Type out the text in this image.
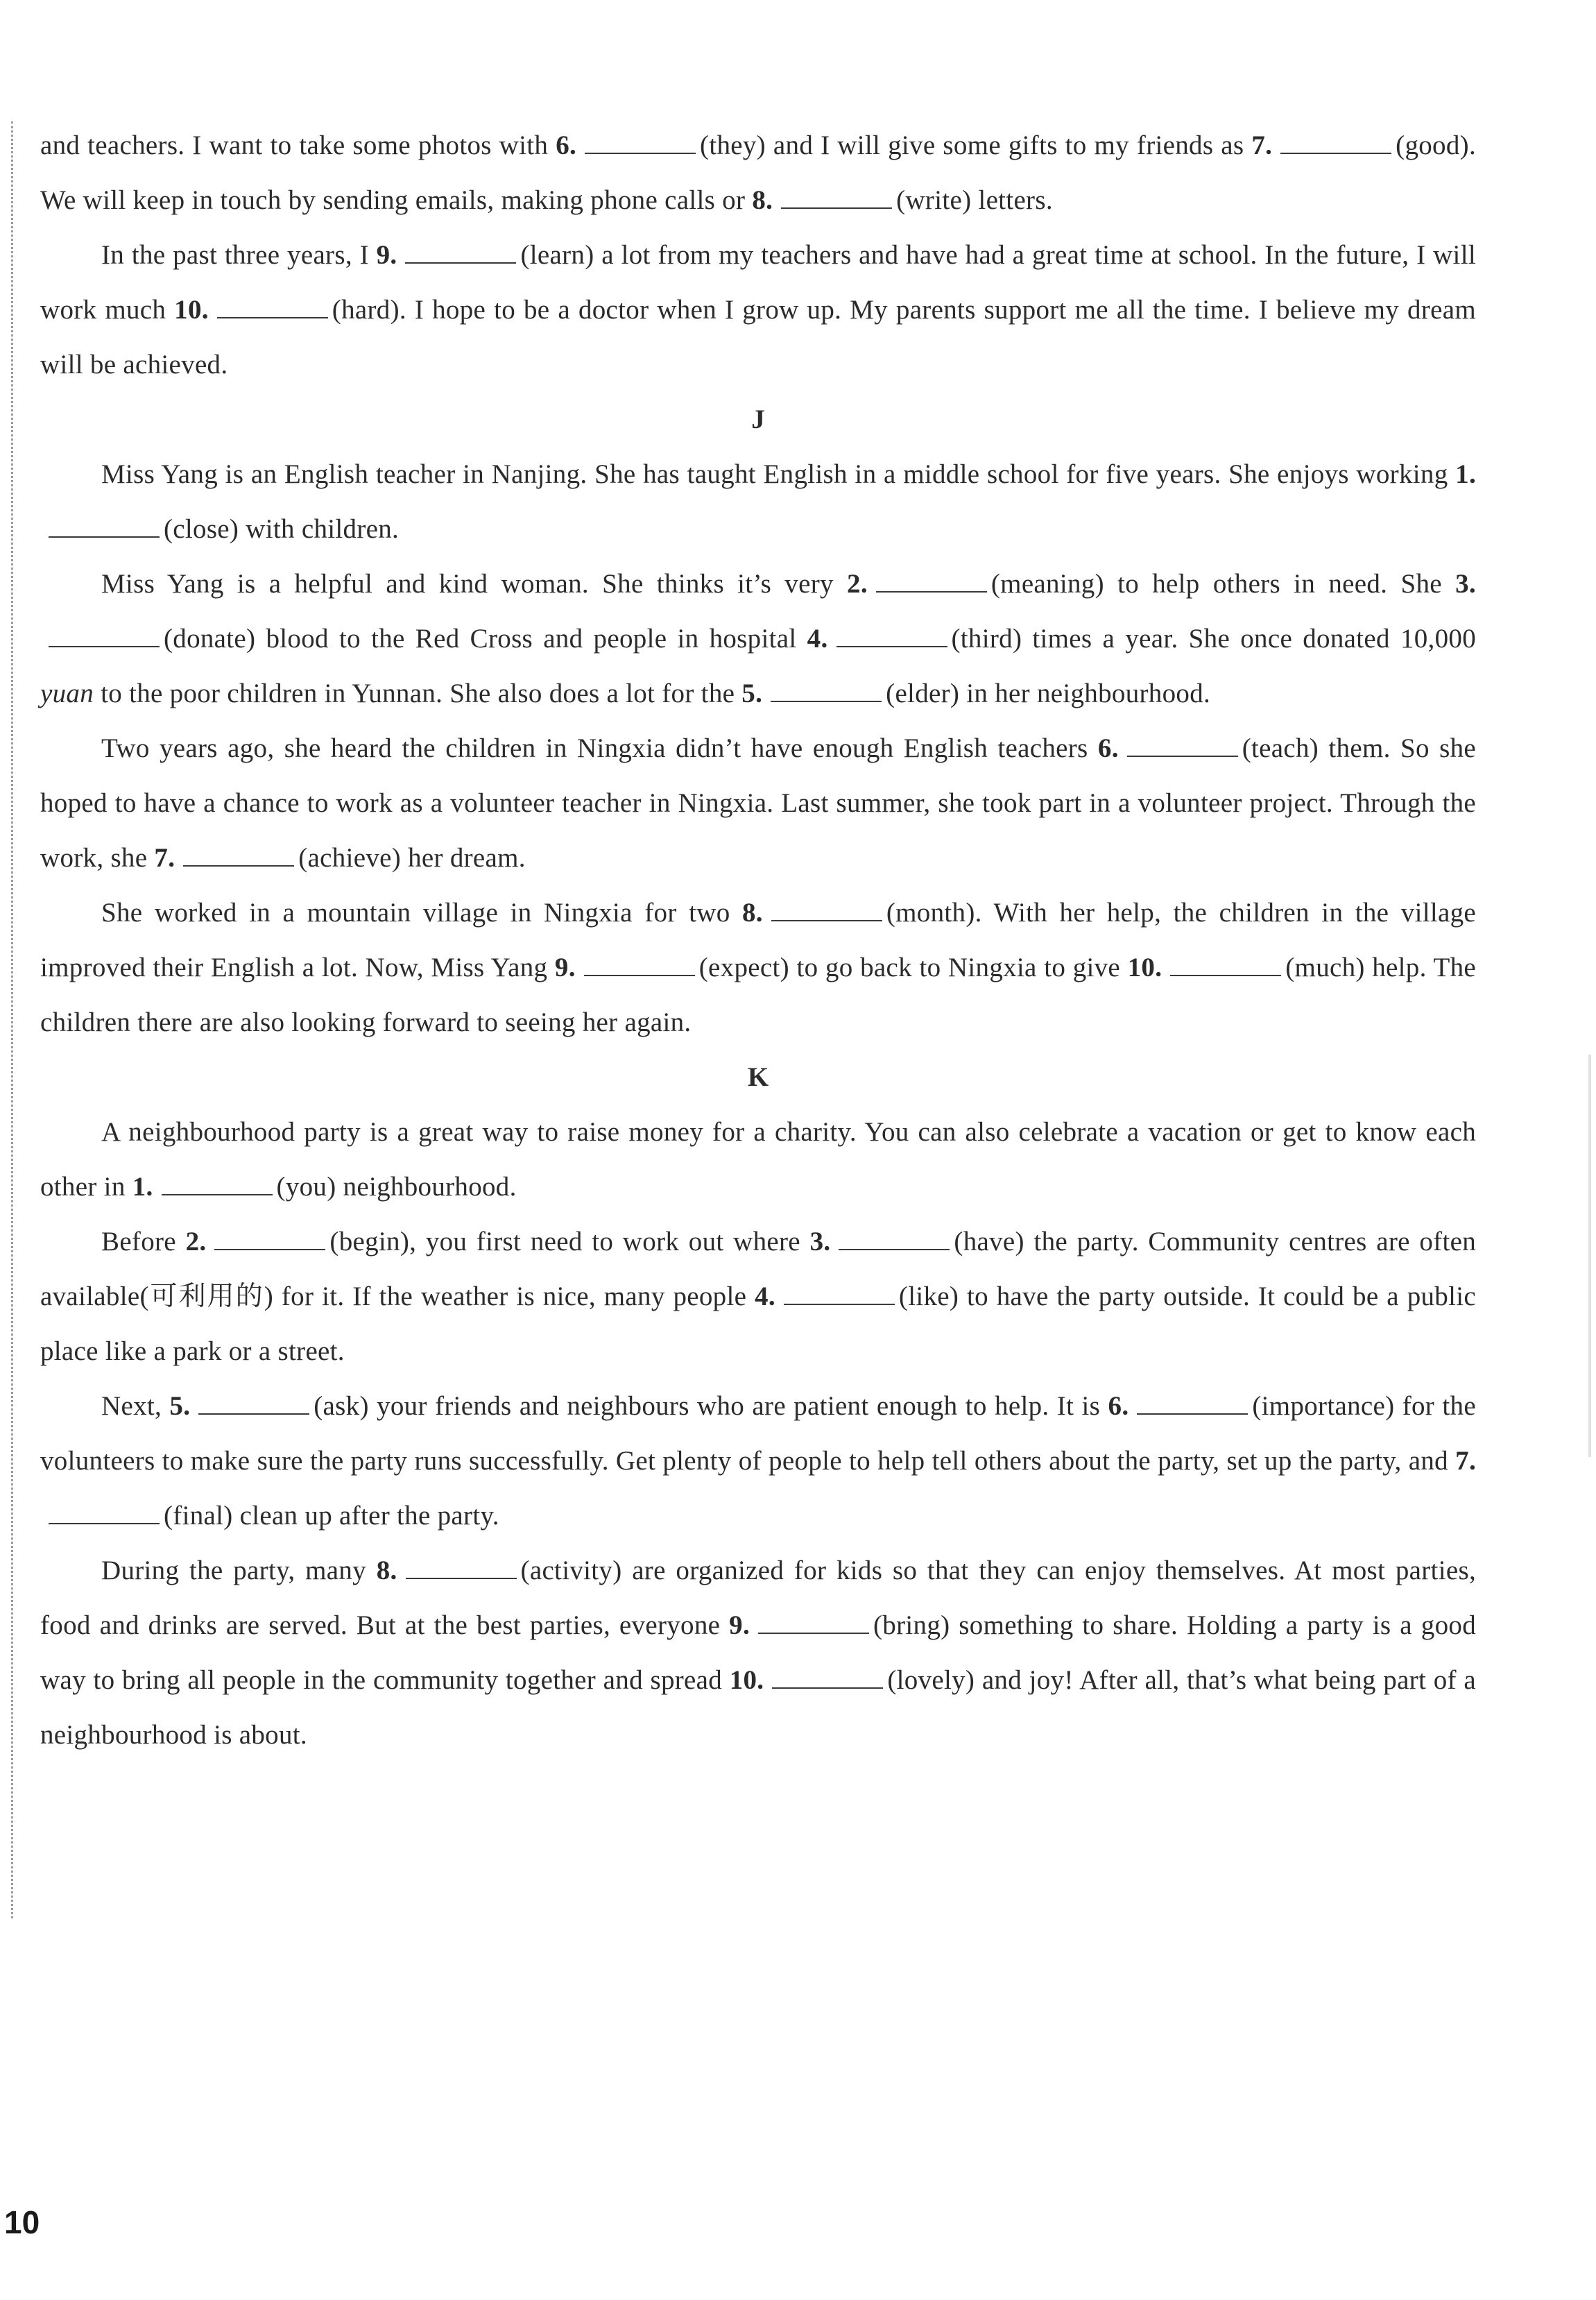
and teachers. I want to take some photos with 6.	(they) and I will give some gifts to my friends as 7.	(good). We will keep in touch by sending emails, making phone calls or 8.	(write) letters.

In the past three years, I 9.	(learn) a lot from my teachers and have had a great time at school. In the future, I will work much 10.	(hard). I hope to be a doctor when I grow up. My parents support me all the time. I believe my dream will be achieved.

J

Miss Yang is an English teacher in Nanjing. She has taught English in a middle school for five years. She enjoys working 1.(close) with children.

Miss Yang is a helpful and kind woman. She thinks it’s very 2.	(meaning) to help others in need. She 3.(donate) blood to the Red Cross and people in hospital 4.	(third) times a year. She once donated 10,000 yuan to the poor children in Yunnan. She also does a lot for the 5.	(elder) in her neighbourhood.

Two years ago, she heard the children in Ningxia didn’t have enough English teachers 6.	(teach) them. So she hoped to have a chance to work as a volunteer teacher in Ningxia. Last summer, she took part in a volunteer project. Through the work, she 7.	(achieve) her dream.

She worked in a mountain village in Ningxia for two 8.	(month). With her help, the children in the village improved their English a lot. Now, Miss Yang 9.	(expect) to go back to Ningxia to give 10.	(much) help. The children there are also looking forward to seeing her again.

K

A neighbourhood party is a great way to raise money for a charity. You can also celebrate a vacation or get to know each other in 1.	(you) neighbourhood.

Before 2.	(begin), you first need to work out where 3.	(have) the party. Community centres are often available(可利用的) for it. If the weather is nice, many people 4.	(like) to have the party outside. It could be a public place like a park or a street.

Next, 5.	(ask) your friends and neighbours who are patient enough to help. It is 6.	(importance) for the volunteers to make sure the party runs successfully. Get plenty of people to help tell others about the party, set up the party, and 7.(final) clean up after the party.

During the party, many 8.	(activity) are organized for kids so that they can enjoy themselves. At most parties, food and drinks are served. But at the best parties, everyone 9.	(bring) something to share. Holding a party is a good way to bring all people in the community together and spread 10.	(lovely) and joy! After all, that’s what being part of a neighbourhood is about.

10
